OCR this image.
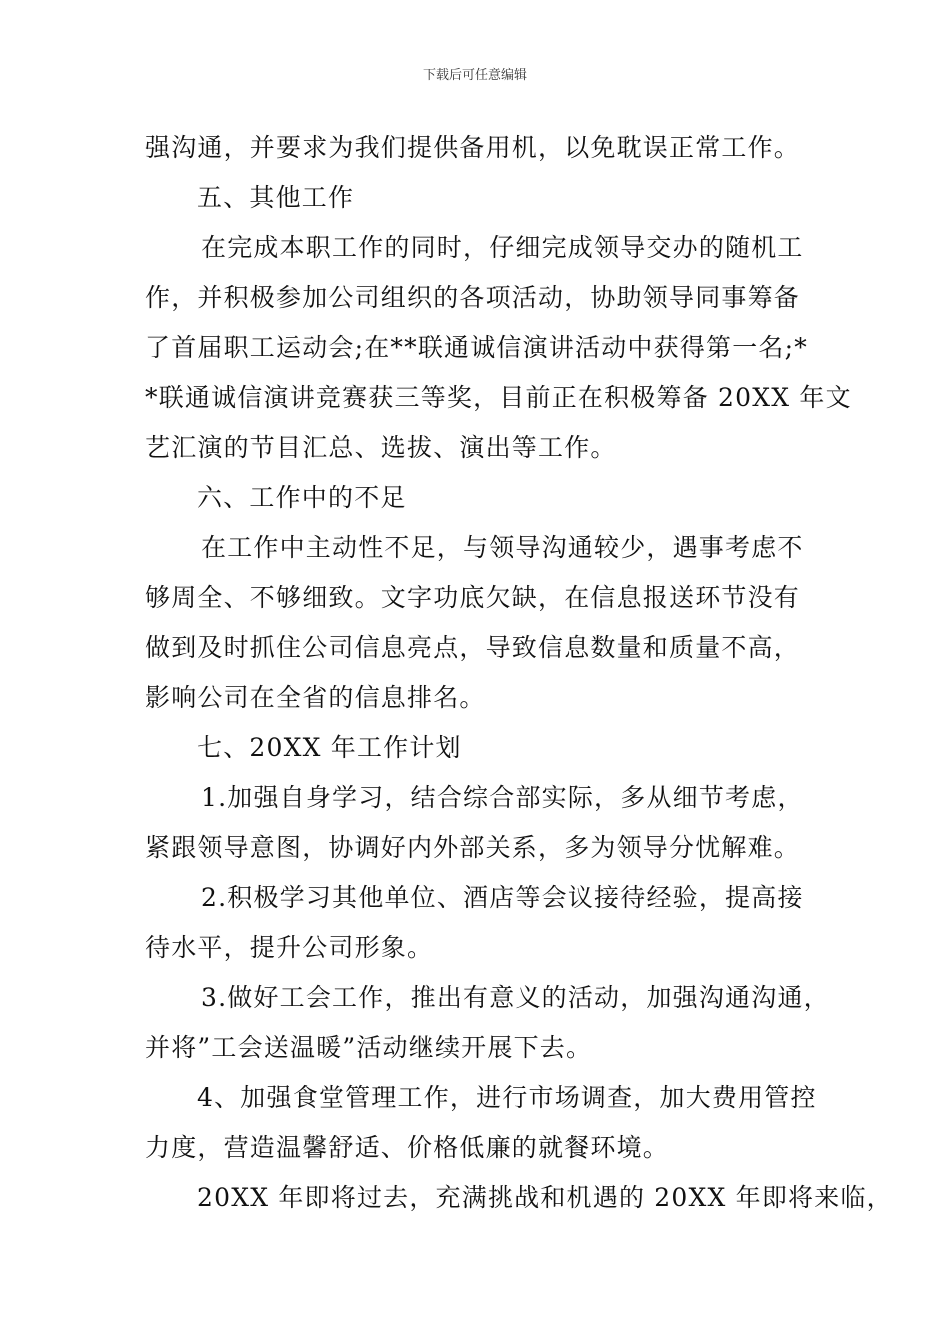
下载后可任意编辑
强沟通，并要求为我们提供备用机，以免耽误正常工作。
五、其他工作
在完成本职工作的同时，仔细完成领导交办的随机工
作，并积极参加公司组织的各项活动，协助领导同事筹备
了首届职工运动会;在**联通诚信演讲活动中获得第一名;*
*联通诚信演讲竞赛获三等奖，目前正在积极筹备 20XX 年文
艺汇演的节目汇总、选拔、演出等工作。
六、工作中的不足
在工作中主动性不足，与领导沟通较少，遇事考虑不
够周全、不够细致。文字功底欠缺，在信息报送环节没有
做到及时抓住公司信息亮点，导致信息数量和质量不高，
影响公司在全省的信息排名。
七、20XX 年工作计划
1.加强自身学习，结合综合部实际，多从细节考虑，
紧跟领导意图，协调好内外部关系，多为领导分忧解难。
2.积极学习其他单位、酒店等会议接待经验，提高接
待水平，提升公司形象。
3.做好工会工作，推出有意义的活动，加强沟通沟通，
并将”工会送温暖”活动继续开展下去。
4、加强食堂管理工作，进行市场调查，加大费用管控
力度，营造温馨舒适、价格低廉的就餐环境。
20XX 年即将过去，充满挑战和机遇的 20XX 年即将来临，
